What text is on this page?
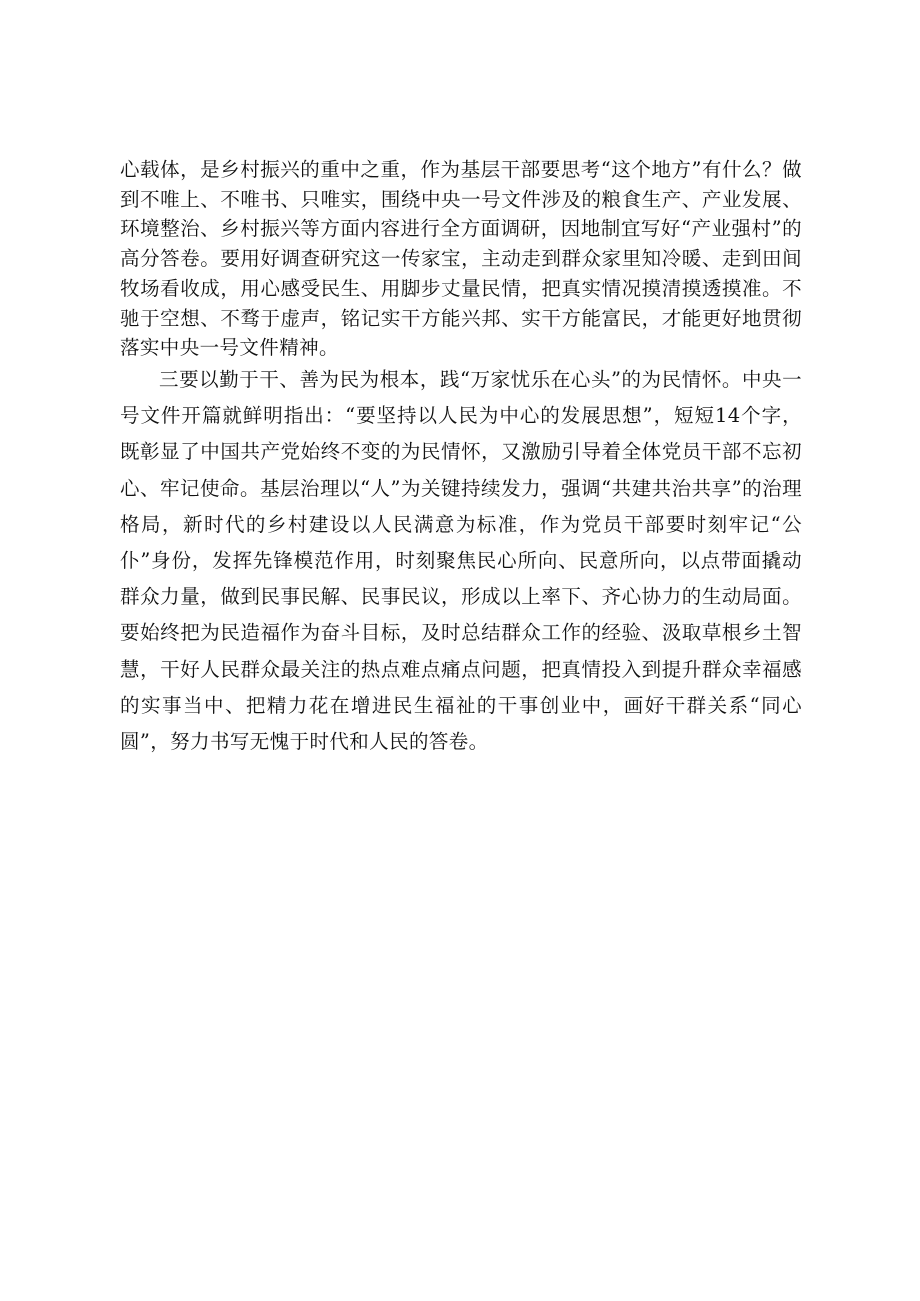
心载体，是乡村振兴的重中之重，作为基层干部要思考“这个地方”有什么？做到不唯上、不唯书、只唯实，围绕中央一号文件涉及的粮食生产、产业发展、环境整治、乡村振兴等方面内容进行全方面调研，因地制宜写好“产业强村”的高分答卷。要用好调查研究这一传家宝，主动走到群众家里知冷暖、走到田间牧场看收成，用心感受民生、用脚步丈量民情，把真实情况摸清摸透摸准。不驰于空想、不骛于虚声，铭记实干方能兴邦、实干方能富民，才能更好地贯彻落实中央一号文件精神。

三要以勤于干、善为民为根本，践“万家忧乐在心头”的为民情怀。中央一号文件开篇就鲜明指出：“要坚持以人民为中心的发展思想”，短短14个字，既彰显了中国共产党始终不变的为民情怀，又激励引导着全体党员干部不忘初心、牢记使命。基层治理以“人”为关键持续发力，强调“共建共治共享”的治理格局，新时代的乡村建设以人民满意为标准，作为党员干部要时刻牢记“公仆”身份，发挥先锋模范作用，时刻聚焦民心所向、民意所向，以点带面撬动群众力量，做到民事民解、民事民议，形成以上率下、齐心协力的生动局面。要始终把为民造福作为奋斗目标，及时总结群众工作的经验、汲取草根乡土智慧，干好人民群众最关注的热点难点痛点问题，把真情投入到提升群众幸福感的实事当中、把精力花在增进民生福祉的干事创业中，画好干群关系“同心圆”，努力书写无愧于时代和人民的答卷。
